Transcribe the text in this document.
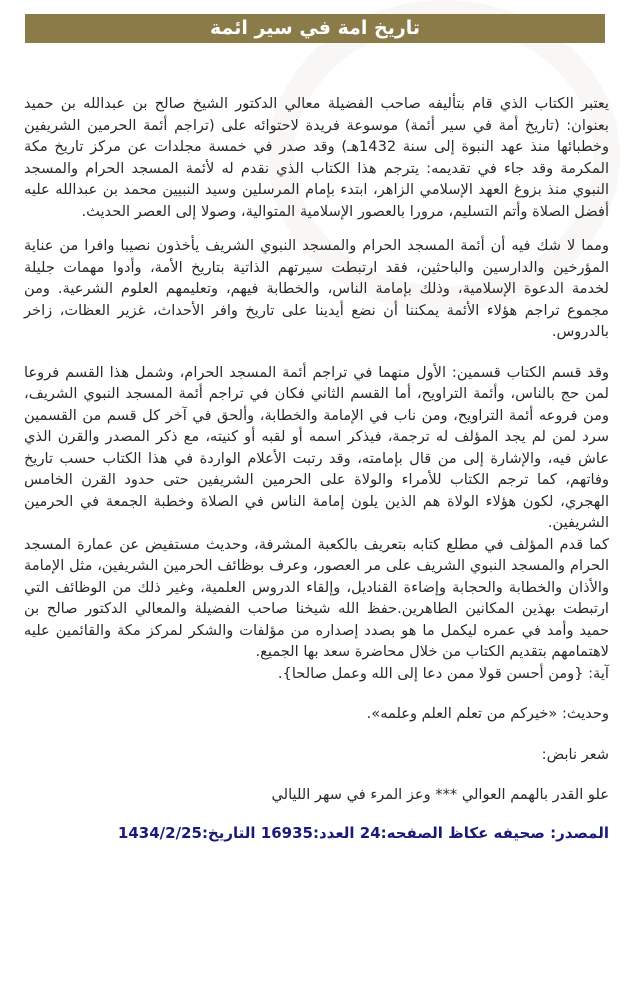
تاريخ امة في سير ائمة

يعتبر الكتاب الذي قام بتأليفه صاحب الفضيلة معالي الدكتور الشيخ صالح بن عبدالله بن حميد بعنوان: (تاريخ أمة في سير أئمة) موسوعة فريدة لاحتوائه على (تراجم أئمة الحرمين الشريفين وخطبائها منذ عهد النبوة إلى سنة 1432هـ) وقد صدر في خمسة مجلدات عن مركز تاريخ مكة المكرمة وقد جاء في تقديمه: يترجم هذا الكتاب الذي نقدم له لأئمة المسجد الحرام والمسجد النبوي منذ بزوغ العهد الإسلامي الزاهر، ابتدء بإمام المرسلين وسيد النبيين محمد بن عبدالله عليه أفضل الصلاة وأتم التسليم، مرورا بالعصور الإسلامية المتوالية، وصولا إلى العصر الحديث.

ومما لا شك فيه أن أئمة المسجد الحرام والمسجد النبوي الشريف يأخذون نصيبا وافرا من عناية المؤرخين والدارسين والباحثين، فقد ارتبطت سيرتهم الذاتية بتاريخ الأمة، وأدوا مهمات جليلة لخدمة الدعوة الإسلامية، وذلك بإمامة الناس، والخطابة فيهم، وتعليمهم العلوم الشرعية. ومن مجموع تراجم هؤلاء الأئمة يمكننا أن نضع أيدينا على تاريخ وافر الأحداث، غزير العظات، زاخر بالدروس.

وقد قسم الكتاب قسمين: الأول منهما في تراجم أئمة المسجد الحرام، وشمل هذا القسم فروعا لمن حج بالناس، وأئمة التراويح، أما القسم الثاني فكان في تراجم أئمة المسجد النبوي الشريف، ومن فروعه أئمة التراويح، ومن ناب في الإمامة والخطابة، وألحق في آخر كل قسم من القسمين سرد لمن لم يجد المؤلف له ترجمة، فيذكر اسمه أو لقبه أو كنيته، مع ذكر المصدر والقرن الذي عاش فيه، والإشارة إلى من قال بإمامته، وقد رتبت الأعلام الواردة في هذا الكتاب حسب تاريخ وفاتهم، كما ترجم الكتاب للأمراء والولاة على الحرمين الشريفين حتى حدود القرن الخامس الهجري، لكون هؤلاء الولاة هم الذين يلون إمامة الناس في الصلاة وخطبة الجمعة في الحرمين الشريفين.

كما قدم المؤلف في مطلع كتابه بتعريف بالكعبة المشرفة، وحديث مستفيض عن عمارة المسجد الحرام والمسجد النبوي الشريف على مر العصور، وعرف بوظائف الحرمين الشريفين، مثل الإمامة والأذان والخطابة والحجابة وإضاءة القناديل، وإلقاء الدروس العلمية، وغير ذلك من الوظائف التي ارتبطت بهذين المكانين الطاهرين.حفظ الله شيخنا صاحب الفضيلة والمعالي الدكتور صالح بن حميد وأمد في عمره ليكمل ما هو بصدد إصداره من مؤلفات والشكر لمركز مكة والقائمين عليه لاهتمامهم بتقديم الكتاب من خلال محاضرة سعد بها الجميع.

آية: {ومن أحسن قولا ممن دعا إلى الله وعمل صالحا}.

وحديث: «خيركم من تعلم العلم وعلمه».

شعر نابض:

علو القدر بالهمم العوالي *** وعز المرء في سهر الليالي

المصدر: صحيفه عكاظ الصفحه:24 العدد:16935 التاريخ:1434/2/25
